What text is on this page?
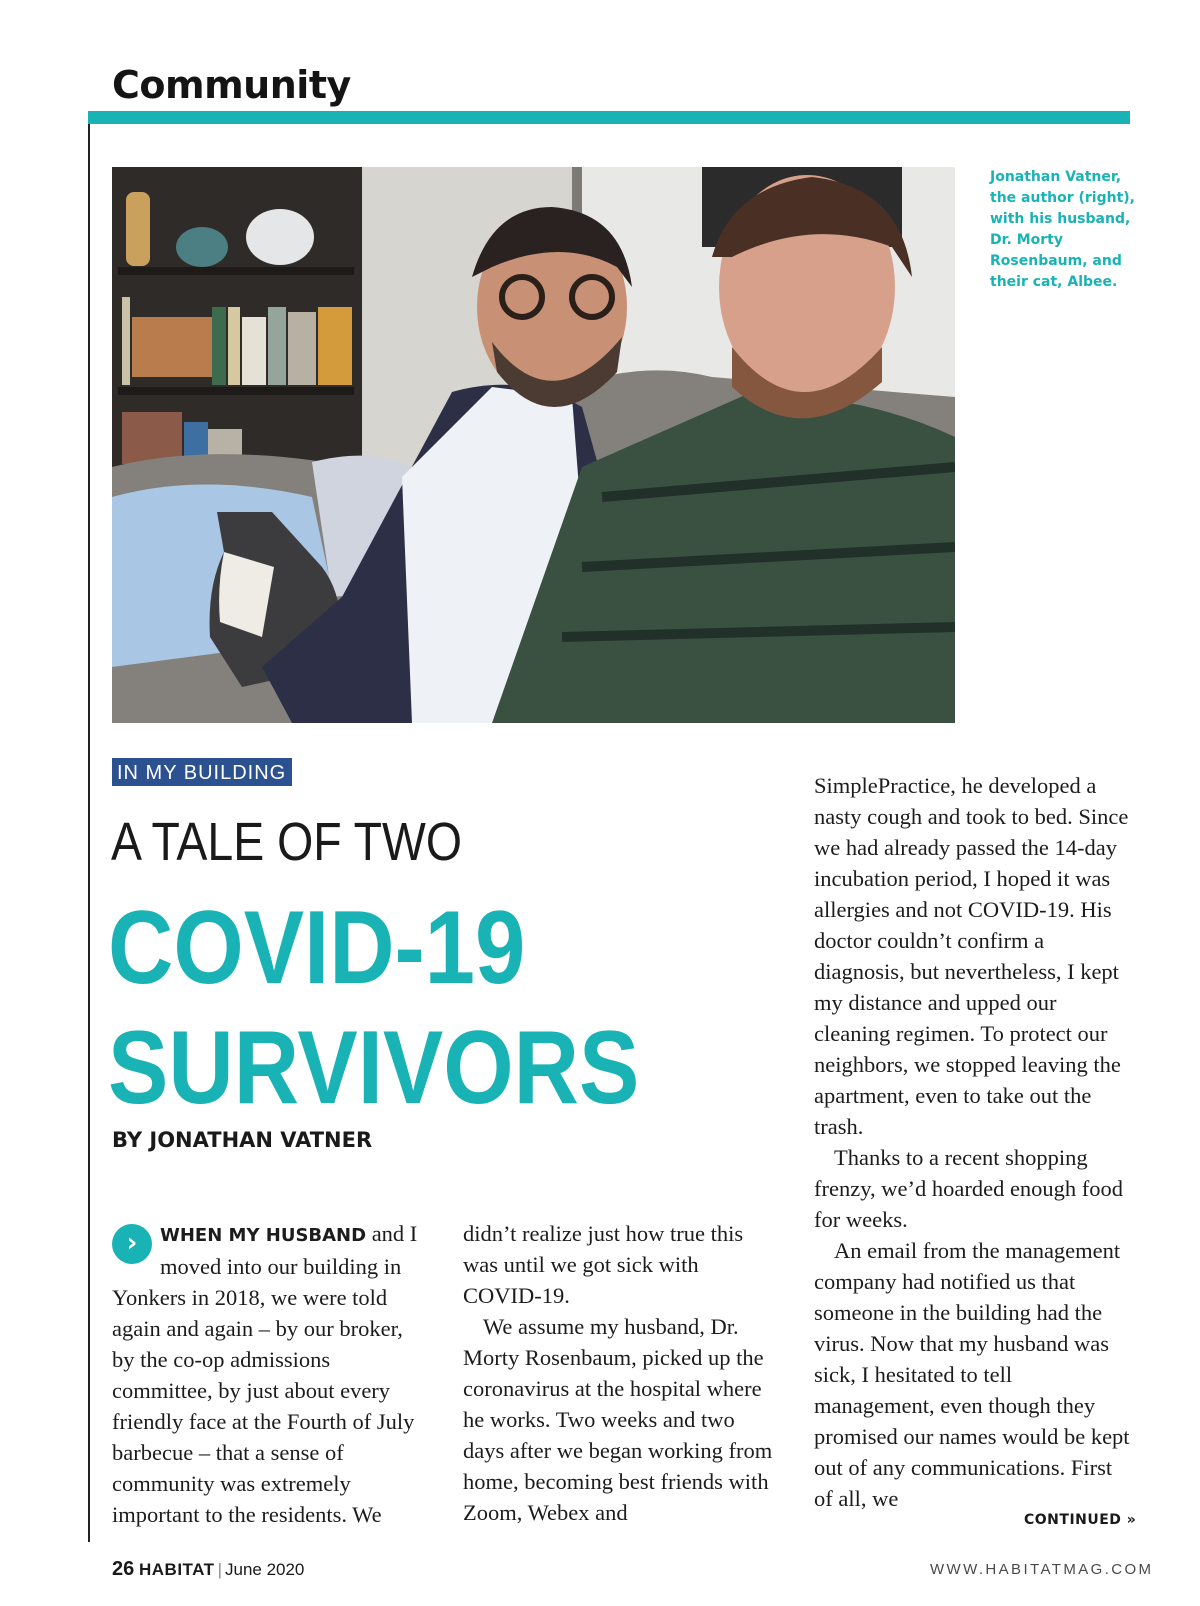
Community

Jonathan Vatner, the author (right), with his husband, Dr. Morty Rosenbaum, and their cat, Albee.

IN MY BUILDING
A TALE OF TWO
COVID-19
SURVIVORS

BY JONATHAN VATNER

›	WHEN MY HUSBAND and I moved into our building in Yonkers in 2018, we were told again and again – by our broker, by the co-op admissions committee, by just about every friendly face at the Fourth of July barbecue – that a sense of community was extremely important to the residents. We

didn’t realize just how true this was until we got sick with COVID-19.

We assume my husband, Dr. Morty Rosenbaum, picked up the coronavirus at the hospital where he works. Two weeks and two days after we began working from home, becoming best friends with Zoom, Webex and

SimplePractice, he developed a nasty cough and took to bed. Since we had already passed the 14-day incubation period, I hoped it was allergies and not COVID-19. His doctor couldn’t confirm a diagnosis, but nevertheless, I kept my distance and upped our cleaning regimen. To protect our neighbors, we stopped leaving the apartment, even to take out the trash.

Thanks to a recent shopping frenzy, we’d hoarded enough food for weeks.

An email from the management company had notified us that someone in the building had the virus. Now that my husband was sick, I hesitated to tell management, even though they promised our names would be kept out of any communications. First of all, we

CONTINUED »

26 HABITAT | June 2020	WWW.HABITATMAG.COM
